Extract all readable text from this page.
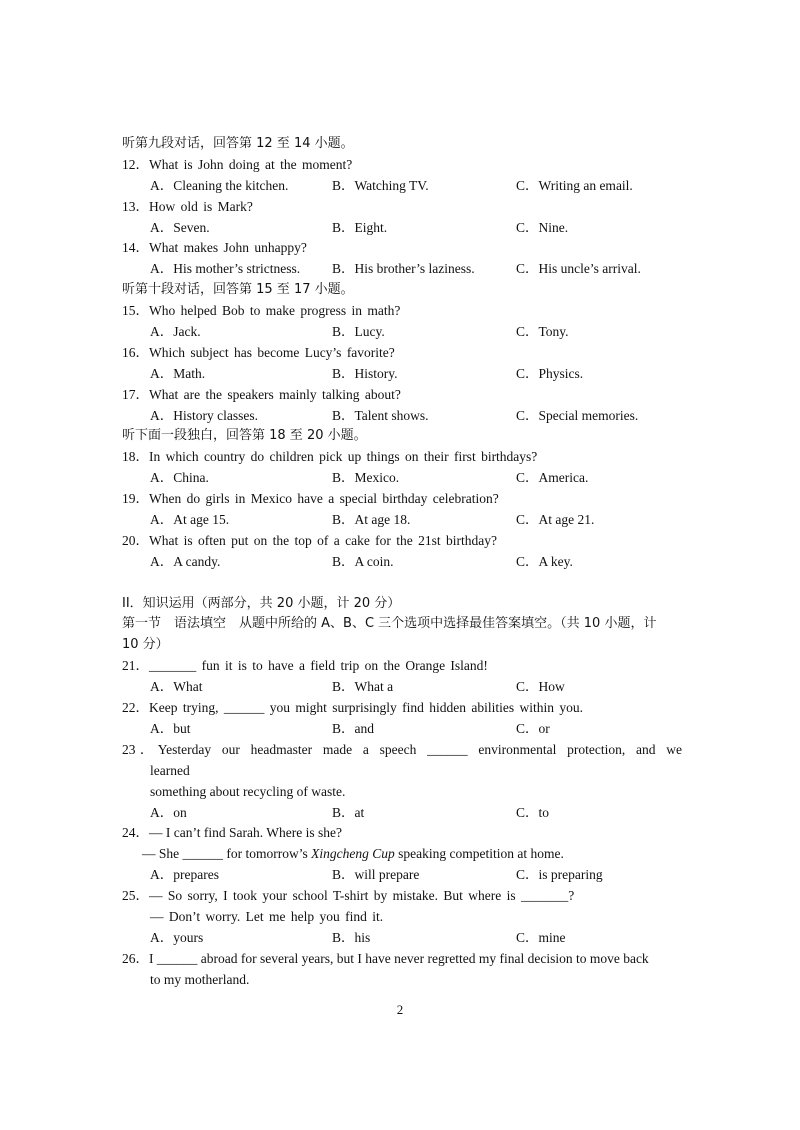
听第九段对话，回答第 12 至 14 小题。
12．What is John doing at the moment?
A．Cleaning the kitchen.	B．Watching TV.	C．Writing an email.
13．How old is Mark?
A．Seven.	B．Eight.	C．Nine.
14．What makes John unhappy?
A．His mother’s strictness. B．His brother’s laziness.	C．His uncle’s arrival.
听第十段对话，回答第 15 至 17 小题。
15．Who helped Bob to make progress in math?
A．Jack.	B．Lucy.	C．Tony.
16．Which subject has become Lucy’s favorite?
A．Math.	B．History.	C．Physics.
17．What are the speakers mainly talking about?
A．History classes.	B．Talent shows.	C．Special memories.
听下面一段独白，回答第 18 至 20 小题。
18．In which country do children pick up things on their first birthdays?
A．China.	B．Mexico.	C．America.
19．When do girls in Mexico have a special birthday celebration?
A．At age 15.	B．At age 18.	C．At age 21.
20．What is often put on the top of a cake for the 21st birthday?
A．A candy.	B．A coin.	C．A key.
II．知识运用（两部分，共 20 小题，计 20 分）
第一节　语法填空　从题中所给的 A、B、C 三个选项中选择最佳答案填空。（共 10 小题，计
10 分）
21．_______ fun it is to have a field trip on the Orange Island!
A．What	B．What a	C．How
22．Keep trying, ______ you might surprisingly find hidden abilities within you.
A．but	B．and	C．or
23．Yesterday our headmaster made a speech ______ environmental protection, and we
learned
something about recycling of waste.
A．on	B．at	C．to
24．— I can’t find Sarah. Where is she?
— She ______ for tomorrow’s Xingcheng Cup speaking competition at home.
A．prepares	B．will prepare	C．is preparing
25．— So sorry, I took your school T-shirt by mistake. But where is _______?
— Don’t worry. Let me help you find it.
A．yours	B．his	C．mine
26．I ______ abroad for several years, but I have never regretted my final decision to move back
to my motherland.
2
